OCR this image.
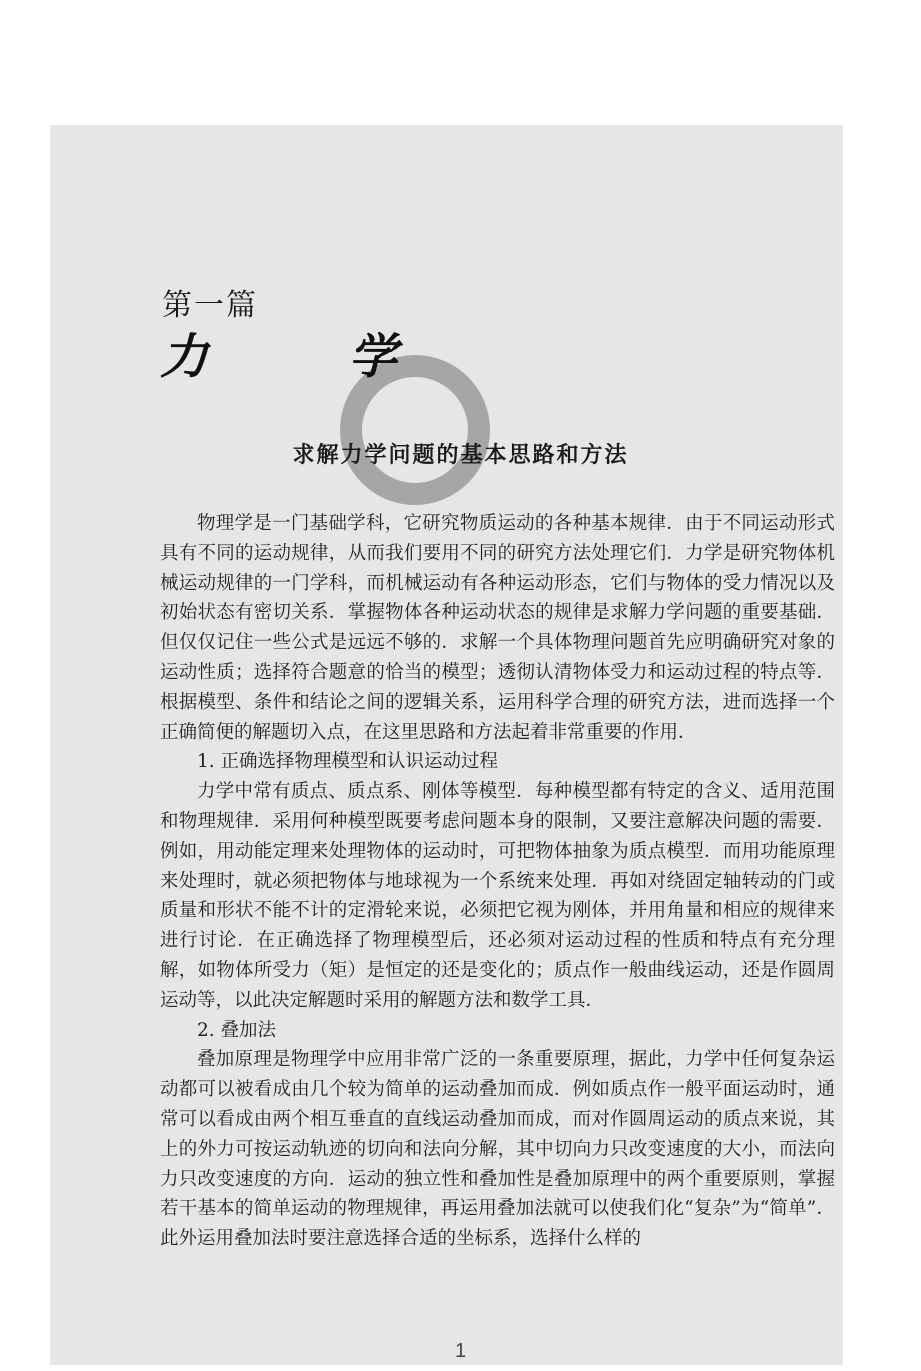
第一篇
力 学
求解力学问题的基本思路和方法

物理学是一门基础学科，它研究物质运动的各种基本规律．由于不同运动形式具有不同的运动规律，从而我们要用不同的研究方法处理它们．力学是研究物体机械运动规律的一门学科，而机械运动有各种运动形态，它们与物体的受力情况以及初始状态有密切关系．掌握物体各种运动状态的规律是求解力学问题的重要基础．但仅仅记住一些公式是远远不够的．求解一个具体物理问题首先应明确研究对象的运动性质；选择符合题意的恰当的模型；透彻认清物体受力和运动过程的特点等．根据模型、条件和结论之间的逻辑关系，运用科学合理的研究方法，进而选择一个正确简便的解题切入点，在这里思路和方法起着非常重要的作用．

1. 正确选择物理模型和认识运动过程

力学中常有质点、质点系、刚体等模型．每种模型都有特定的含义、适用范围和物理规律．采用何种模型既要考虑问题本身的限制，又要注意解决问题的需要．例如，用动能定理来处理物体的运动时，可把物体抽象为质点模型．而用功能原理来处理时，就必须把物体与地球视为一个系统来处理．再如对绕固定轴转动的门或质量和形状不能不计的定滑轮来说，必须把它视为刚体，并用角量和相应的规律来进行讨论．在正确选择了物理模型后，还必须对运动过程的性质和特点有充分理解，如物体所受力（矩）是恒定的还是变化的；质点作一般曲线运动，还是作圆周运动等，以此决定解题时采用的解题方法和数学工具．

2. 叠加法

叠加原理是物理学中应用非常广泛的一条重要原理，据此，力学中任何复杂运动都可以被看成由几个较为简单的运动叠加而成．例如质点作一般平面运动时，通常可以看成由两个相互垂直的直线运动叠加而成，而对作圆周运动的质点来说，其上的外力可按运动轨迹的切向和法向分解，其中切向力只改变速度的大小，而法向力只改变速度的方向．运动的独立性和叠加性是叠加原理中的两个重要原则，掌握若干基本的简单运动的物理规律，再运用叠加法就可以使我们化“复杂”为“简单”．此外运用叠加法时要注意选择合适的坐标系，选择什么样的

1
